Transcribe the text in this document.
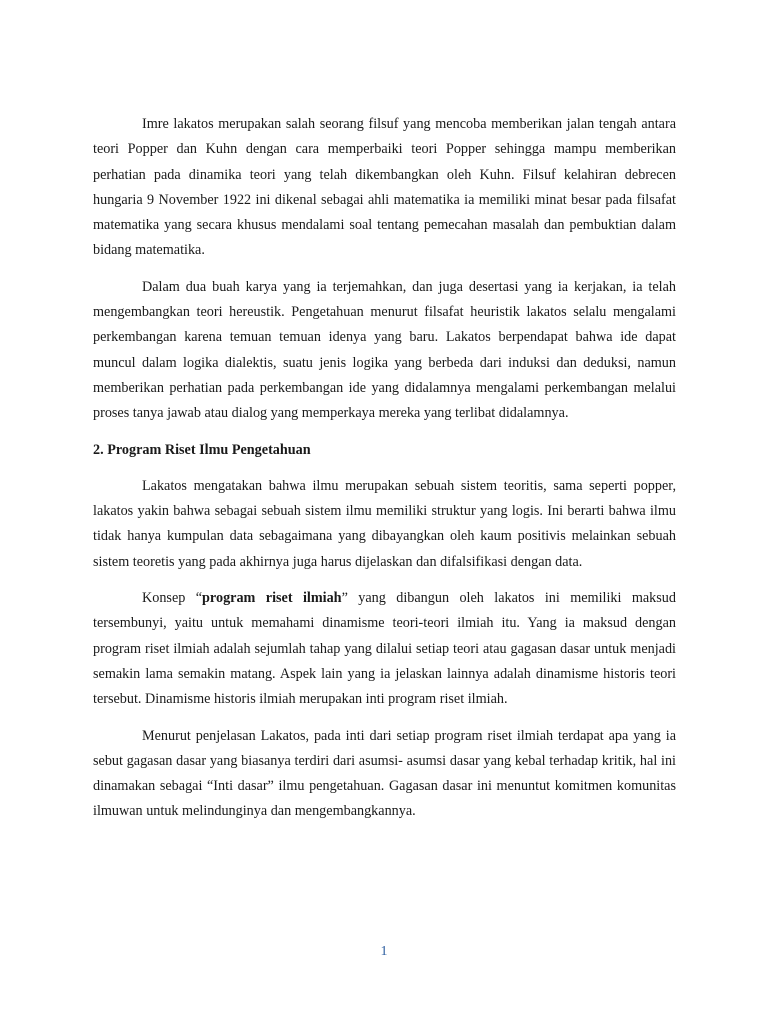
Imre lakatos merupakan salah seorang filsuf yang mencoba memberikan jalan tengah antara teori Popper dan Kuhn dengan cara memperbaiki teori Popper sehingga mampu memberikan perhatian pada dinamika teori yang telah dikembangkan oleh Kuhn. Filsuf kelahiran debrecen hungaria 9 November 1922 ini dikenal sebagai ahli matematika ia memiliki minat besar pada filsafat matematika yang secara khusus mendalami soal tentang pemecahan masalah dan pembuktian dalam bidang matematika.

Dalam dua buah karya yang ia terjemahkan, dan juga desertasi yang ia kerjakan, ia telah mengembangkan teori hereustik. Pengetahuan menurut filsafat heuristik lakatos selalu mengalami perkembangan karena temuan temuan idenya yang baru. Lakatos berpendapat bahwa ide dapat muncul dalam logika dialektis, suatu jenis logika yang berbeda dari induksi dan deduksi, namun memberikan perhatian pada perkembangan ide yang didalamnya mengalami perkembangan melalui proses tanya jawab atau dialog yang memperkaya mereka yang terlibat didalamnya.

2. Program Riset Ilmu Pengetahuan

Lakatos mengatakan bahwa ilmu merupakan sebuah sistem teoritis, sama seperti popper, lakatos yakin bahwa sebagai sebuah sistem ilmu memiliki struktur yang logis. Ini berarti bahwa ilmu tidak hanya kumpulan data sebagaimana yang dibayangkan oleh kaum positivis melainkan sebuah sistem teoretis yang pada akhirnya juga harus dijelaskan dan difalsifikasi dengan data.

Konsep “program riset ilmiah” yang dibangun oleh lakatos ini memiliki maksud tersembunyi, yaitu untuk memahami dinamisme teori-teori ilmiah itu. Yang ia maksud dengan program riset ilmiah adalah sejumlah tahap yang dilalui setiap teori atau gagasan dasar untuk menjadi semakin lama semakin matang. Aspek lain yang ia jelaskan lainnya adalah dinamisme historis teori tersebut. Dinamisme historis ilmiah merupakan inti program riset ilmiah.

Menurut penjelasan Lakatos, pada inti dari setiap program riset ilmiah terdapat apa yang ia sebut gagasan dasar yang biasanya terdiri dari asumsi- asumsi dasar yang kebal terhadap kritik, hal ini dinamakan sebagai “Inti dasar” ilmu pengetahuan. Gagasan dasar ini menuntut komitmen komunitas ilmuwan untuk melindunginya dan mengembangkannya.

1
